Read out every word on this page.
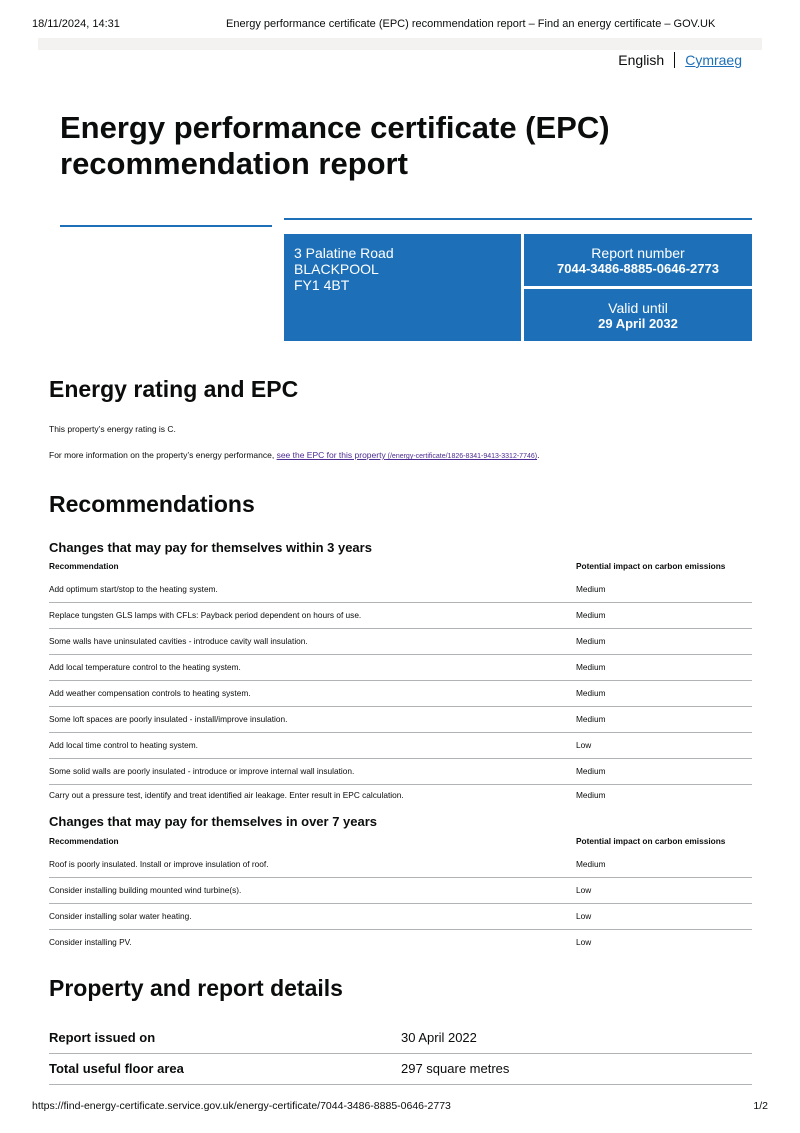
18/11/2024, 14:31	Energy performance certificate (EPC) recommendation report – Find an energy certificate – GOV.UK
English Cymraeg
Energy performance certificate (EPC) recommendation report
3 Palatine Road
BLACKPOOL
FY1 4BT
Report number
7044-3486-8885-0646-2773
Valid until
29 April 2032
Energy rating and EPC

This property’s energy rating is C.

For more information on the property’s energy performance, see the EPC for this property (/energy-certificate/1826-8341-9413-3312-7746).

Recommendations
Changes that may pay for themselves within 3 years
Recommendation	Potential impact on carbon emissions
Add optimum start/stop to the heating system.	Medium
Replace tungsten GLS lamps with CFLs: Payback period dependent on hours of use.	Medium
Some walls have uninsulated cavities - introduce cavity wall insulation.	Medium
Add local temperature control to the heating system.	Medium
Add weather compensation controls to heating system.	Medium
Some loft spaces are poorly insulated - install/improve insulation.	Medium
Add local time control to heating system.	Low
Some solid walls are poorly insulated - introduce or improve internal wall insulation.	Medium
Carry out a pressure test, identify and treat identified air leakage. Enter result in EPC calculation.	Medium
Changes that may pay for themselves in over 7 years
Recommendation	Potential impact on carbon emissions
Roof is poorly insulated. Install or improve insulation of roof.	Medium
Consider installing building mounted wind turbine(s).	Low
Consider installing solar water heating.	Low
Consider installing PV.	Low
Property and report details
Report issued on	30 April 2022
Total useful floor area	297 square metres
https://find-energy-certificate.service.gov.uk/energy-certificate/7044-3486-8885-0646-2773	1/2
